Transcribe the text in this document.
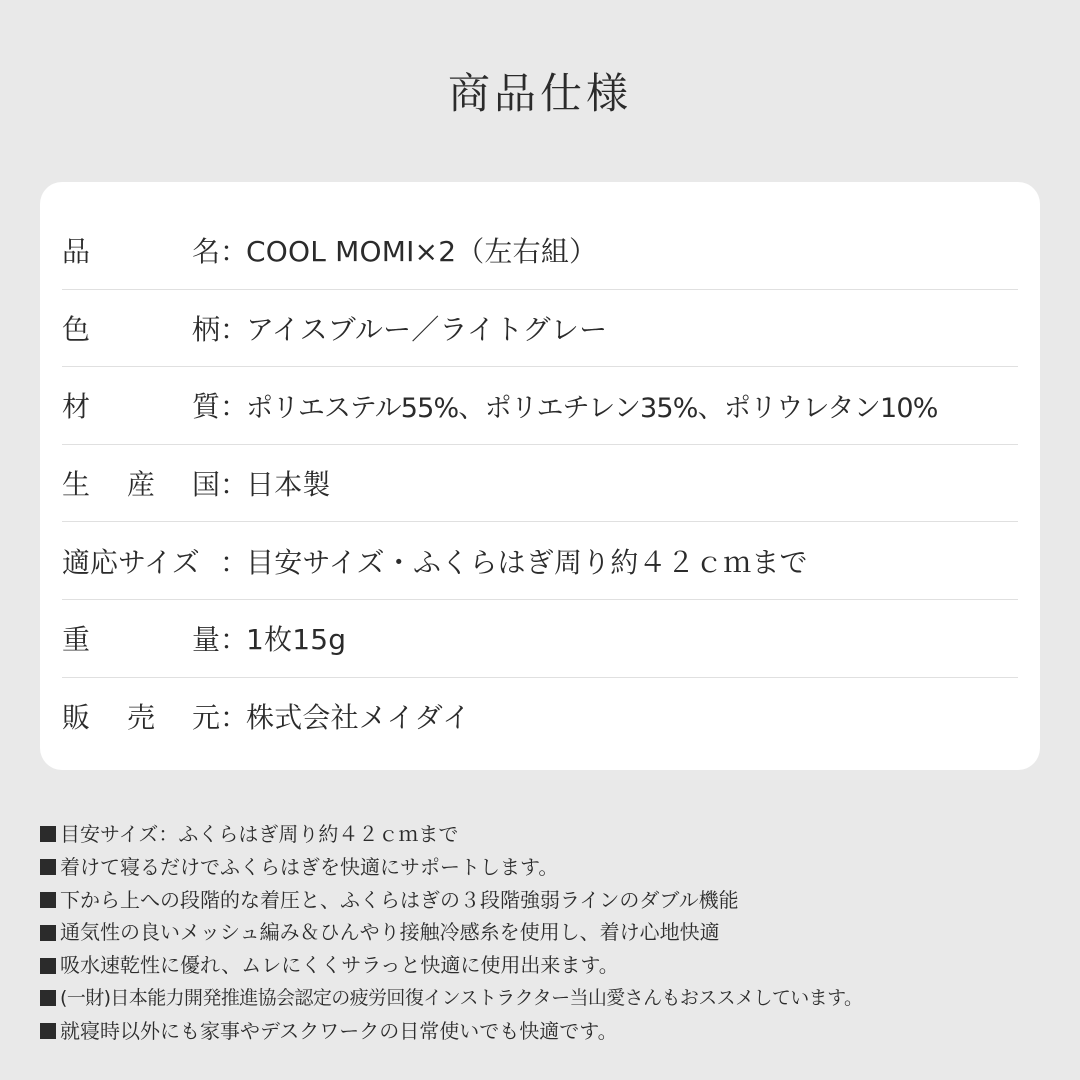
商品仕様
品	名 ：
COOL MOMI×2（左右組）
色	柄 ：
アイスブルー／ライトグレー
材	質 ：
ポリエステル55%、ポリエチレン35%、ポリウレタン10%
生 産 国 ：
日本製
適応サイズ ：
目安サイズ・ふくらはぎ周り約４２ｃｍまで
重	量 ：
1枚15g
販 売 元 ：
株式会社メイダイ
目安サイズ：ふくらはぎ周り約４２ｃｍまで
着けて寝るだけでふくらはぎを快適にサポートします。
下から上への段階的な着圧と、ふくらはぎの３段階強弱ラインのダブル機能
通気性の良いメッシュ編み＆ひんやり接触冷感糸を使用し、着け心地快適
吸水速乾性に優れ、ムレにくくサラっと快適に使用出来ます。
(一財)日本能力開発推進協会認定の疲労回復インストラクター当山愛さんもおススメしています。
就寝時以外にも家事やデスクワークの日常使いでも快適です。
